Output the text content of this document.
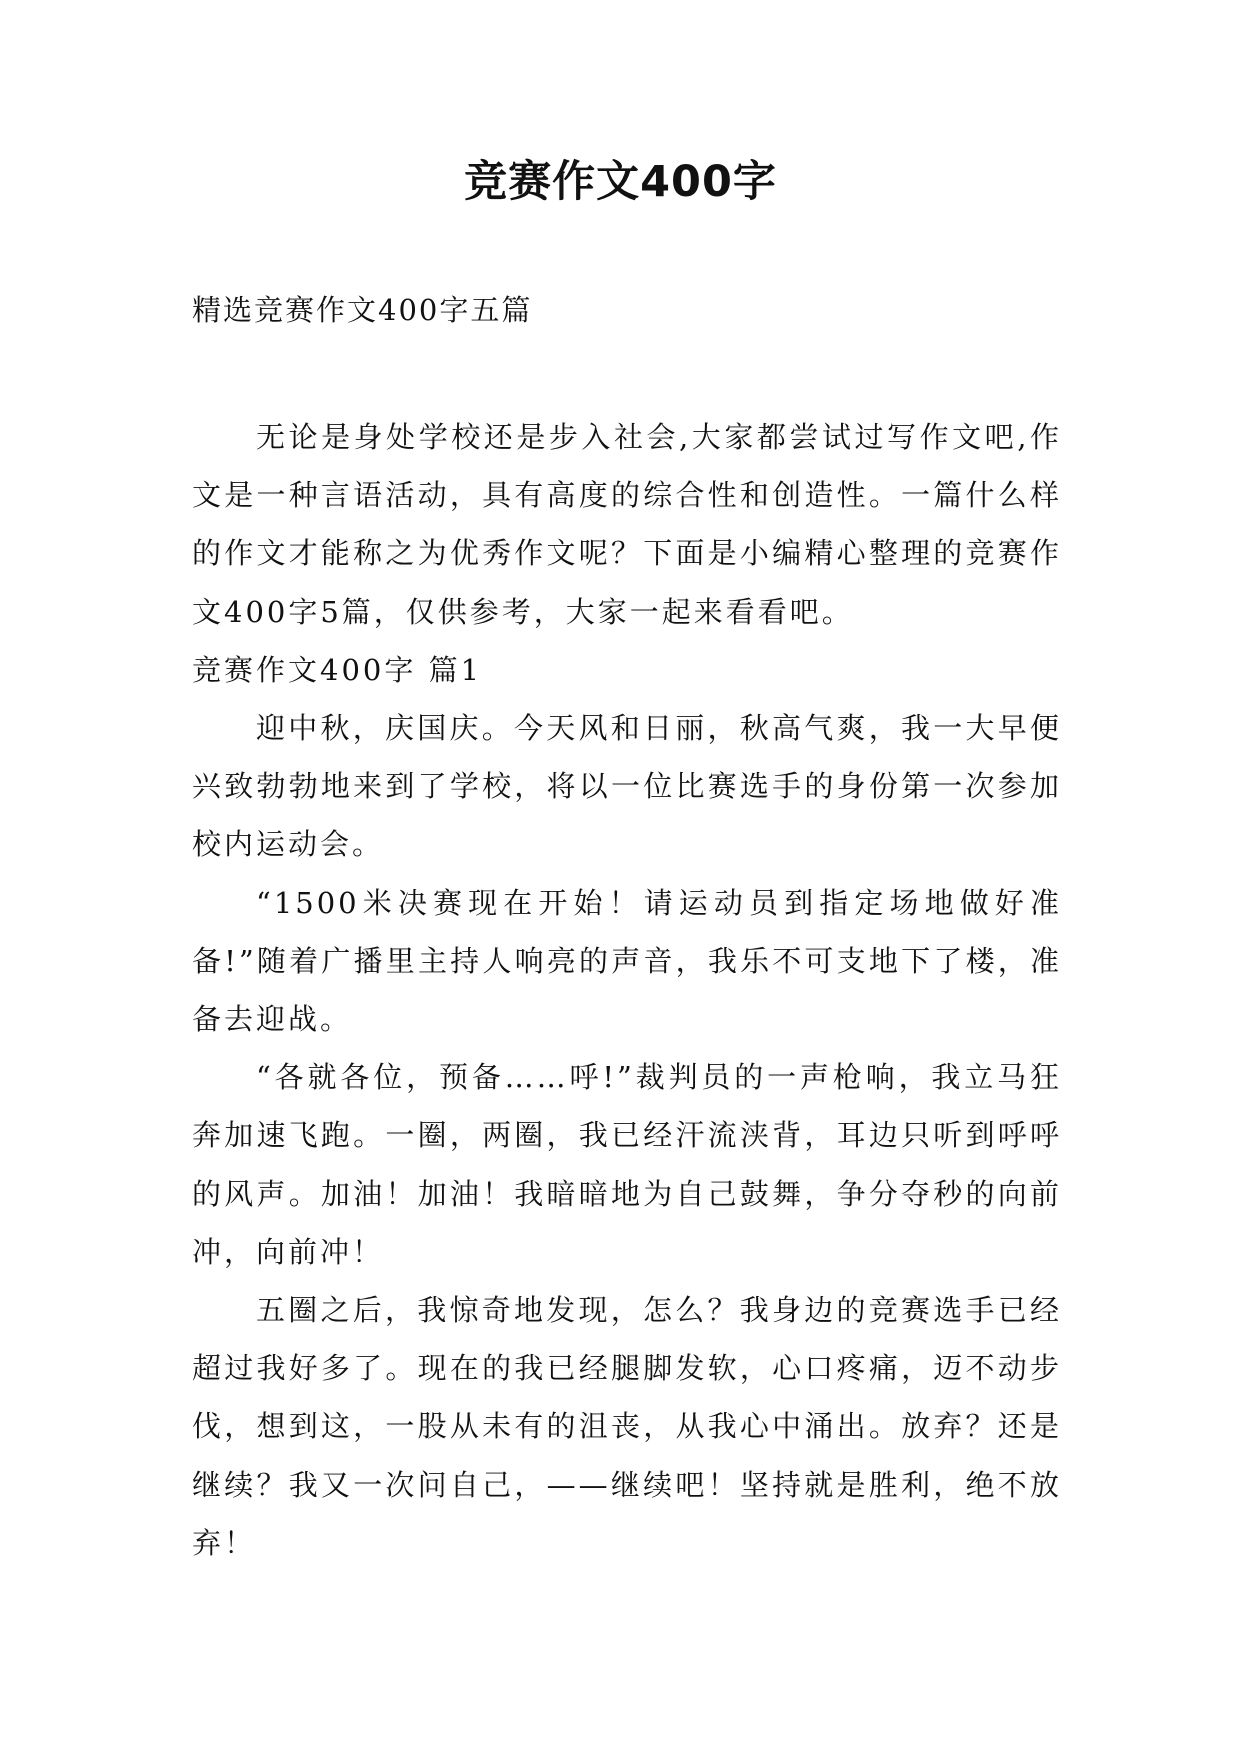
竞赛作文400字

精选竞赛作文400字五篇

无论是身处学校还是步入社会,大家都尝试过写作文吧,作文是一种言语活动，具有高度的综合性和创造性。一篇什么样的作文才能称之为优秀作文呢？下面是小编精心整理的竞赛作文400字5篇，仅供参考，大家一起来看看吧。

竞赛作文400字 篇1

迎中秋，庆国庆。今天风和日丽，秋高气爽，我一大早便兴致勃勃地来到了学校，将以一位比赛选手的身份第一次参加校内运动会。

“1500米决赛现在开始！请运动员到指定场地做好准备!”随着广播里主持人响亮的声音，我乐不可支地下了楼，准备去迎战。

“各就各位，预备……呼!”裁判员的一声枪响，我立马狂奔加速飞跑。一圈，两圈，我已经汗流浃背，耳边只听到呼呼的风声。加油！加油！我暗暗地为自己鼓舞，争分夺秒的向前冲，向前冲！

五圈之后，我惊奇地发现，怎么？我身边的竞赛选手已经超过我好多了。现在的我已经腿脚发软，心口疼痛，迈不动步伐，想到这，一股从未有的沮丧，从我心中涌出。放弃？还是继续？我又一次问自己，——继续吧！坚持就是胜利，绝不放弃！
